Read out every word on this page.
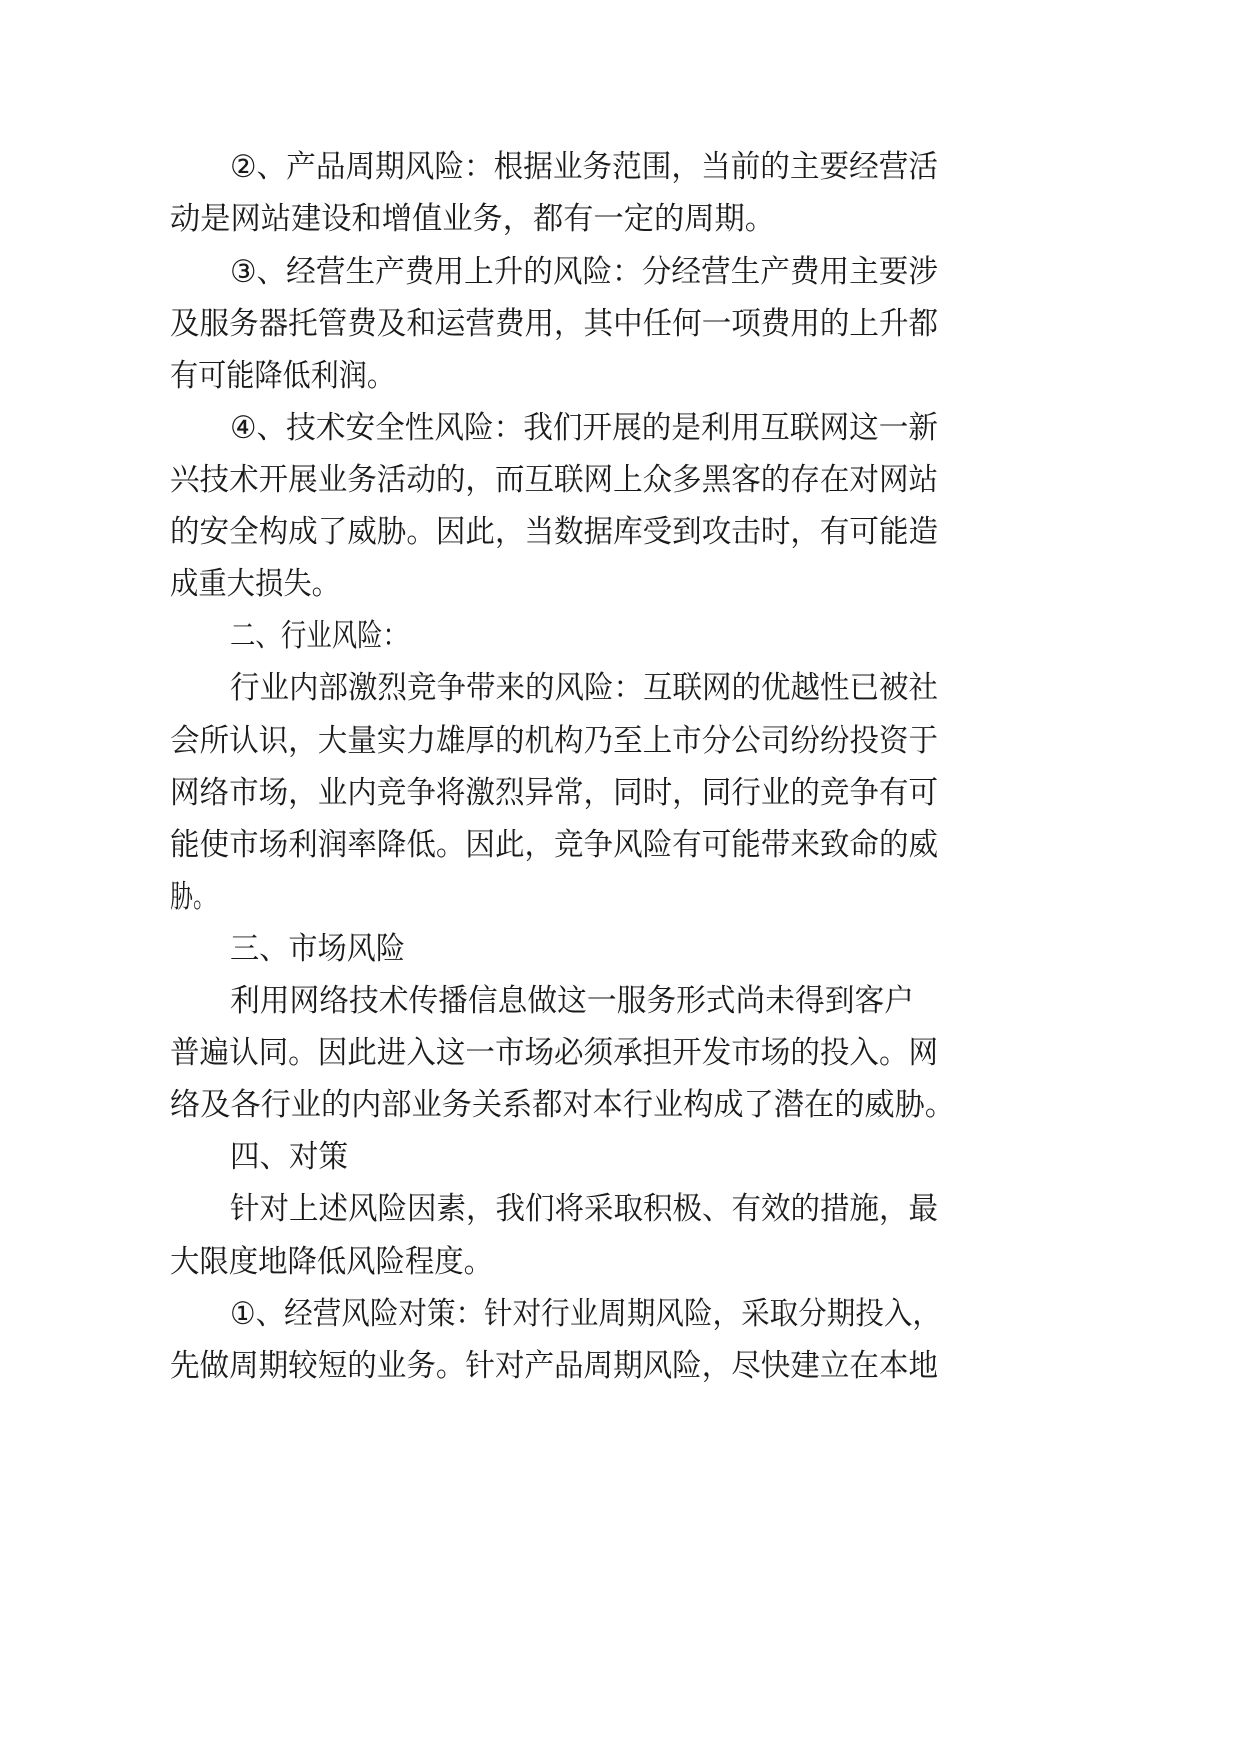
②、产品周期风险：根据业务范围，当前的主要经营活

动是网站建设和增值业务，都有一定的周期。

③、经营生产费用上升的风险：分经营生产费用主要涉

及服务器托管费及和运营费用，其中任何一项费用的上升都

有可能降低利润。

④、技术安全性风险：我们开展的是利用互联网这一新

兴技术开展业务活动的，而互联网上众多黑客的存在对网站

的安全构成了威胁。因此，当数据库受到攻击时，有可能造

成重大损失。

二、行业风险：

行业内部激烈竞争带来的风险：互联网的优越性已被社

会所认识，大量实力雄厚的机构乃至上市分公司纷纷投资于

网络市场，业内竞争将激烈异常，同时，同行业的竞争有可

能使市场利润率降低。因此，竞争风险有可能带来致命的威

胁。

三、市场风险

利用网络技术传播信息做这一服务形式尚未得到客户

普遍认同。因此进入这一市场必须承担开发市场的投入。网

络及各行业的内部业务关系都对本行业构成了潜在的威胁。

四、对策

针对上述风险因素，我们将采取积极、有效的措施，最

大限度地降低风险程度。

①、经营风险对策：针对行业周期风险，采取分期投入，

先做周期较短的业务。针对产品周期风险，尽快建立在本地
